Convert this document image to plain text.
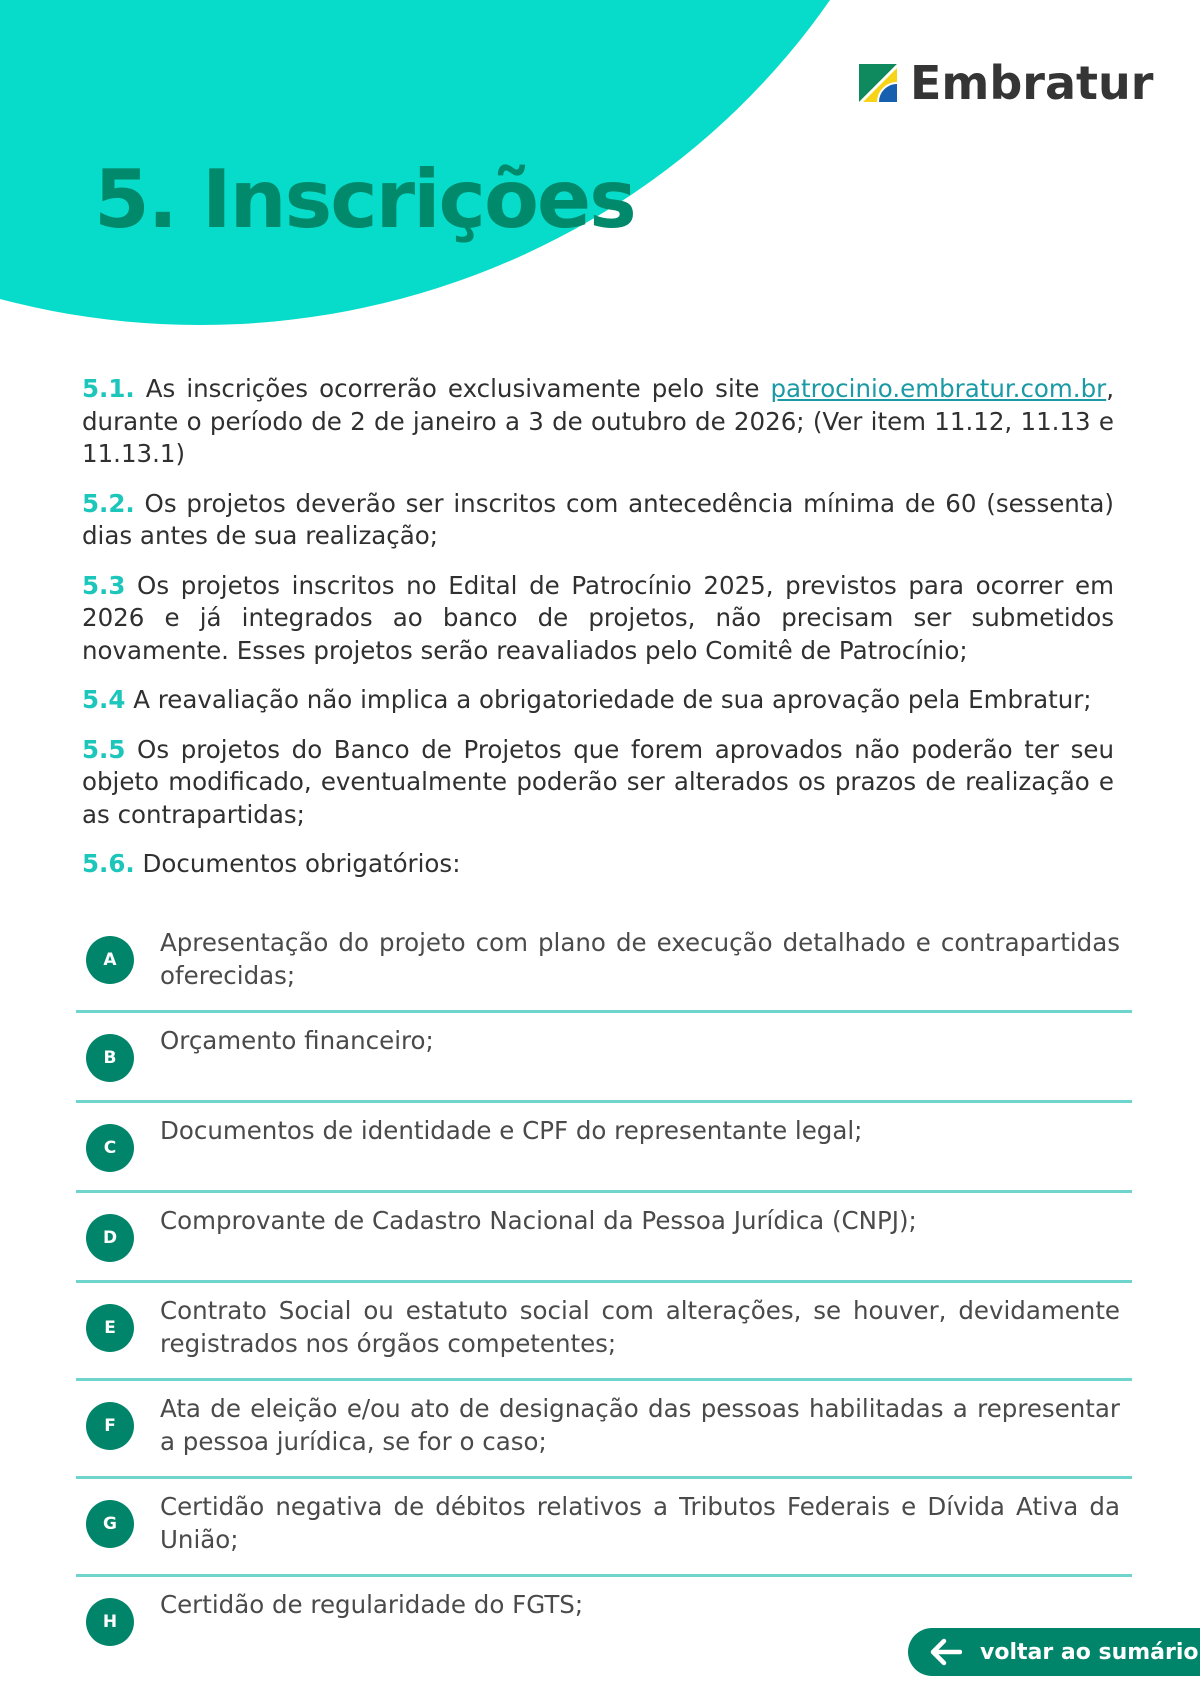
Embratur
5. Inscrições

5.1. As inscrições ocorrerão exclusivamente pelo site patrocinio.embratur.com.br, durante o período de 2 de janeiro a 3 de outubro de 2026; (Ver item 11.12, 11.13 e 11.13.1)

5.2. Os projetos deverão ser inscritos com antecedência mínima de 60 (sessenta) dias antes de sua realização;

5.3 Os projetos inscritos no Edital de Patrocínio 2025, previstos para ocorrer em 2026 e já integrados ao banco de projetos, não precisam ser submetidos novamente. Esses projetos serão reavaliados pelo Comitê de Patrocínio;

5.4 A reavaliação não implica a obrigatoriedade de sua aprovação pela Embratur;

5.5 Os projetos do Banco de Projetos que forem aprovados não poderão ter seu objeto modificado, eventualmente poderão ser alterados os prazos de realização e as contrapartidas;

5.6. Documentos obrigatórios:

A
Apresentação do projeto com plano de execução detalhado e contrapartidas oferecidas;
B
Orçamento financeiro;
C
Documentos de identidade e CPF do representante legal;
D
Comprovante de Cadastro Nacional da Pessoa Jurídica (CNPJ);
E
Contrato Social ou estatuto social com alterações, se houver, devidamente registrados nos órgãos competentes;
F
Ata de eleição e/ou ato de designação das pessoas habilitadas a representar a pessoa jurídica, se for o caso;
G
Certidão negativa de débitos relativos a Tributos Federais e Dívida Ativa da União;
H
Certidão de regularidade do FGTS;
voltar ao sumário
